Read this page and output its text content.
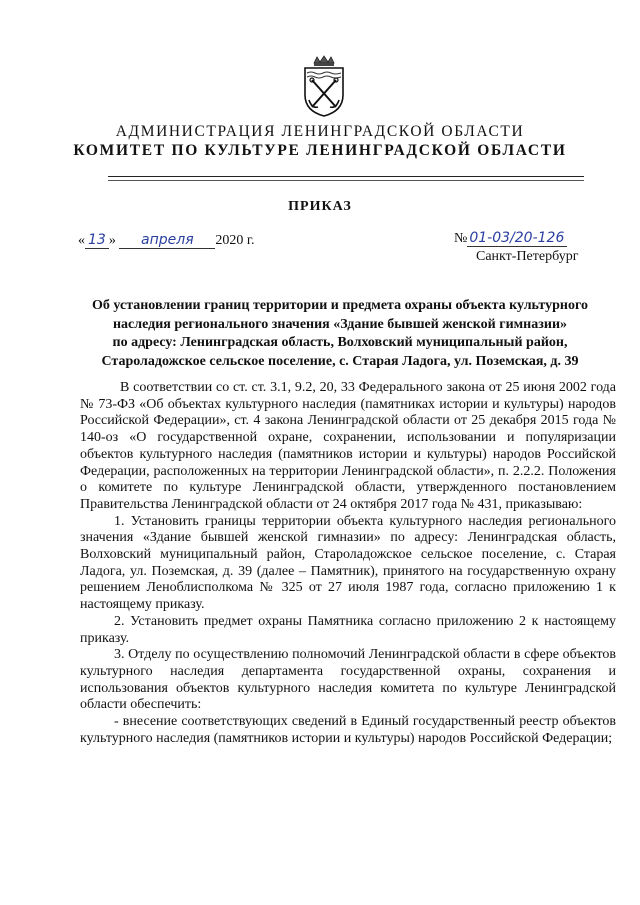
АДМИНИСТРАЦИЯ ЛЕНИНГРАДСКОЙ ОБЛАСТИ
КОМИТЕТ ПО КУЛЬТУРЕ ЛЕНИНГРАДСКОЙ ОБЛАСТИ
ПРИКАЗ
« 13 » апреля 2020 г.	№ 01-03/20-126
Санкт-Петербург
Об установлении границ территории и предмета охраны объекта культурного
наследия регионального значения «Здание бывшей женской гимназии»
по адресу: Ленинградская область, Волховский муниципальный район,
Староладожское сельское поселение, с. Старая Ладога, ул. Поземская, д. 39

В соответствии со ст. ст. 3.1, 9.2, 20, 33 Федерального закона от 25 июня 2002 года № 73-ФЗ «Об объектах культурного наследия (памятниках истории и культуры) народов Российской Федерации», ст. 4 закона Ленинградской области от 25 декабря 2015 года № 140-оз «О государственной охране, сохранении, использовании и популяризации объектов культурного наследия (памятников истории и культуры) народов Российской Федерации, расположенных на территории Ленинградской области», п. 2.2.2. Положения о комитете по культуре Ленинградской области, утвержденного постановлением Правительства Ленинградской области от 24 октября 2017 года № 431, приказываю:

1. Установить границы территории объекта культурного наследия регионального значения «Здание бывшей женской гимназии» по адресу: Ленинградская область, Волховский муниципальный район, Староладожское сельское поселение, с. Старая Ладога, ул. Поземская, д. 39 (далее – Памятник), принятого на государственную охрану решением Леноблисполкома № 325 от 27 июля 1987 года, согласно приложению 1 к настоящему приказу.

2. Установить предмет охраны Памятника согласно приложению 2 к настоящему приказу.

3. Отделу по осуществлению полномочий Ленинградской области в сфере объектов культурного наследия департамента государственной охраны, сохранения и использования объектов культурного наследия комитета по культуре Ленинградской области обеспечить:

- внесение соответствующих сведений в Единый государственный реестр объектов культурного наследия (памятников истории и культуры) народов Российской Федерации;
